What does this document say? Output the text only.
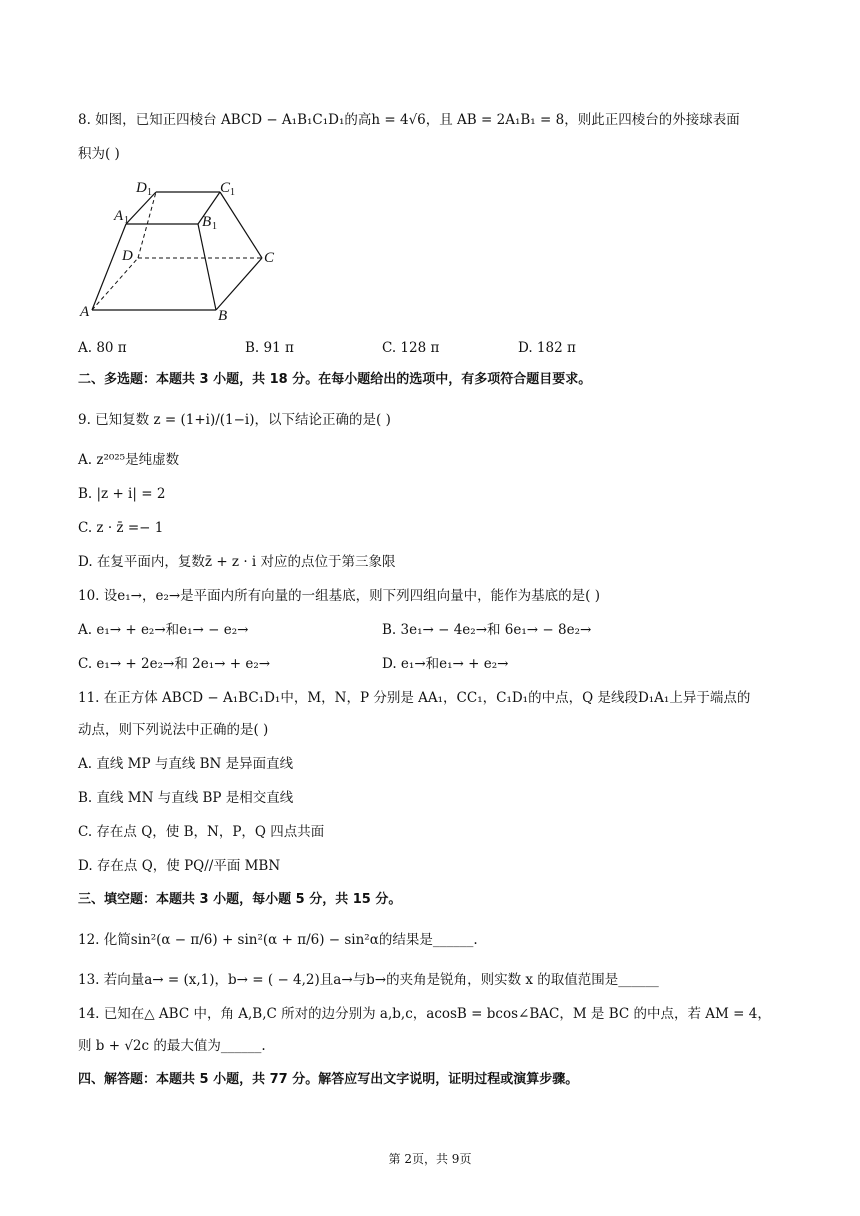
8. 如图，已知正四棱台 ABCD − A₁B₁C₁D₁的高h = 4√6，且 AB = 2A₁B₁ = 8，则此正四棱台的外接球表面
积为( )
D 1	C 1
A 1	B 1
D	C
A	B
A. 80 π	B. 91 π	C. 128 π	D. 182 π
二、多选题：本题共 3 小题，共 18 分。在每小题给出的选项中，有多项符合题目要求。
9. 已知复数 z = (1+i)/(1−i)，以下结论正确的是( )
A. z²⁰²⁵是纯虚数
B. |z + i| = 2
C. z · z̄ =− 1
D. 在复平面内，复数z̄ + z · i 对应的点位于第三象限
10. 设e₁→，e₂→是平面内所有向量的一组基底，则下列四组向量中，能作为基底的是( )
A. e₁→ + e₂→和e₁→ − e₂→	B. 3e₁→ − 4e₂→和 6e₁→ − 8e₂→
C. e₁→ + 2e₂→和 2e₁→ + e₂→	D. e₁→和e₁→ + e₂→
11. 在正方体 ABCD − A₁BC₁D₁中，M，N，P 分别是 AA₁，CC₁，C₁D₁的中点，Q 是线段D₁A₁上异于端点的
动点，则下列说法中正确的是( )
A. 直线 MP 与直线 BN 是异面直线
B. 直线 MN 与直线 BP 是相交直线
C. 存在点 Q，使 B，N，P，Q 四点共面
D. 存在点 Q，使 PQ//平面 MBN
三、填空题：本题共 3 小题，每小题 5 分，共 15 分。
12. 化简sin²(α − π/6) + sin²(α + π/6) − sin²α的结果是______.
13. 若向量a→ = (x,1)，b→ = ( − 4,2)且a→与b→的夹角是锐角，则实数 x 的取值范围是______
14. 已知在△ ABC 中，角 A,B,C 所对的边分别为 a,b,c，acosB = bcos∠BAC，M 是 BC 的中点，若 AM = 4，
则 b + √2c 的最大值为______.
四、解答题：本题共 5 小题，共 77 分。解答应写出文字说明，证明过程或演算步骤。
第 2页，共 9页
